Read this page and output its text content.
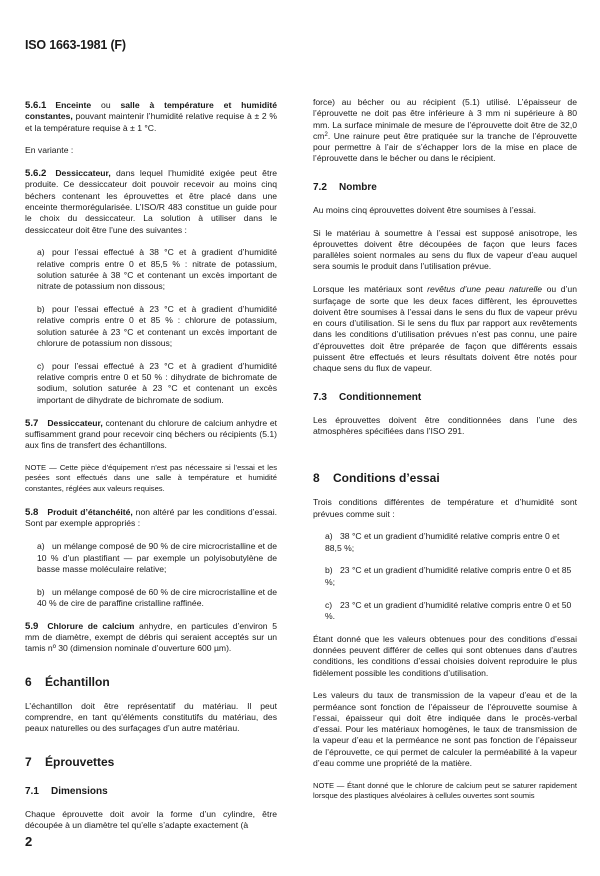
ISO 1663-1981 (F)

5.6.1 Enceinte ou salle à température et humidité constantes, pouvant maintenir l’humidité relative requise à ± 2 % et la température requise à ± 1 °C.

En variante :

5.6.2 Dessiccateur, dans lequel l’humidité exigée peut être produite. Ce dessiccateur doit pouvoir recevoir au moins cinq béchers contenant les éprouvettes et être placé dans une enceinte thermorégularisée. L’ISO/R 483 constitue un guide pour le choix du dessiccateur. La solution à utiliser dans le dessiccateur doit être l’une des suivantes :

a) pour l’essai effectué à 38 °C et à gradient d’humidité relative compris entre 0 et 85,5 % : nitrate de potassium, solution saturée à 38 °C et contenant un excès important de nitrate de potassium non dissous;

b) pour l’essai effectué à 23 °C et à gradient d’humidité relative compris entre 0 et 85 % : chlorure de potassium, solution saturée à 23 °C et contenant un excès important de chlorure de potassium non dissous;

c) pour l’essai effectué à 23 °C et à gradient d’humidité relative compris entre 0 et 50 % : dihydrate de bichromate de sodium, solution saturée à 23 °C et contenant un excès important de dihydrate de bichromate de sodium.

5.7 Dessiccateur, contenant du chlorure de calcium anhydre et suffisamment grand pour recevoir cinq béchers ou récipients (5.1) aux fins de transfert des échantillons.

NOTE — Cette pièce d’équipement n’est pas nécessaire si l’essai et les pesées sont effectués dans une salle à température et humidité constantes, réglées aux valeurs requises.

5.8 Produit d’étanchéité, non altéré par les conditions d’essai. Sont par exemple appropriés :

a) un mélange composé de 90 % de cire microcristalline et de 10 % d’un plastifiant — par exemple un polyisobutylène de basse masse moléculaire relative;

b) un mélange composé de 60 % de cire microcristalline et de 40 % de cire de paraffine cristalline raffinée.

5.9 Chlorure de calcium anhydre, en particules d’environ 5 mm de diamètre, exempt de débris qui seraient acceptés sur un tamis nº 30 (dimension nominale d’ouverture 600 µm).

6 Échantillon

L’échantillon doit être représentatif du matériau. Il peut comprendre, en tant qu’éléments constitutifs du matériau, des peaux naturelles ou des surfaçages d’un autre matériau.

7 Éprouvettes
7.1 Dimensions

Chaque éprouvette doit avoir la forme d’un cylindre, être découpée à un diamètre tel qu’elle s’adapte exactement (à

force) au bécher ou au récipient (5.1) utilisé. L’épaisseur de l’éprouvette ne doit pas être inférieure à 3 mm ni supérieure à 80 mm. La surface minimale de mesure de l’éprouvette doit être de 32,0 $cm^2$. Une rainure peut être pratiquée sur la tranche de l’éprouvette pour permettre à l’air de s’échapper lors de la mise en place de l’éprouvette dans le bécher ou dans le récipient.

7.2 Nombre

Au moins cinq éprouvettes doivent être soumises à l’essai.

Si le matériau à soumettre à l’essai est supposé anisotrope, les éprouvettes doivent être découpées de façon que leurs faces parallèles soient normales au sens du flux de vapeur d’eau auquel sera soumis le produit dans l’utilisation prévue.

Lorsque les matériaux sont revêtus d’une peau naturelle ou d’un surfaçage de sorte que les deux faces diffèrent, les éprouvettes doivent être soumises à l’essai dans le sens du flux de vapeur prévu en cours d’utilisation. Si le sens du flux par rapport aux revêtements dans les conditions d’utilisation prévues n’est pas connu, une paire d’éprouvettes doit être préparée de façon que différents essais puissent être effectués et leurs résultats doivent être notés pour chaque sens du flux de vapeur.

7.3 Conditionnement

Les éprouvettes doivent être conditionnées dans l’une des atmosphères spécifiées dans l’ISO 291.

8 Conditions d’essai

Trois conditions différentes de température et d’humidité sont prévues comme suit :

a) 38 °C et un gradient d’humidité relative compris entre 0 et 88,5 %;

b) 23 °C et un gradient d’humidité relative compris entre 0 et 85 %;

c) 23 °C et un gradient d’humidité relative compris entre 0 et 50 %.

Étant donné que les valeurs obtenues pour des conditions d’essai données peuvent différer de celles qui sont obtenues dans d’autres conditions, les conditions d’essai choisies doivent reproduire le plus fidèlement possible les conditions d’utilisation.

Les valeurs du taux de transmission de la vapeur d’eau et de la perméance sont fonction de l’épaisseur de l’éprouvette soumise à l’essai, épaisseur qui doit être indiquée dans le procès-verbal d’essai. Pour les matériaux homogènes, le taux de transmission de la vapeur d’eau et la perméance ne sont pas fonction de l’épaisseur de l’éprouvette, ce qui permet de calculer la perméabilité à la vapeur d’eau comme une propriété de la matière.

NOTE — Étant donné que le chlorure de calcium peut se saturer rapidement lorsque des plastiques alvéolaires à cellules ouvertes sont soumis

2
